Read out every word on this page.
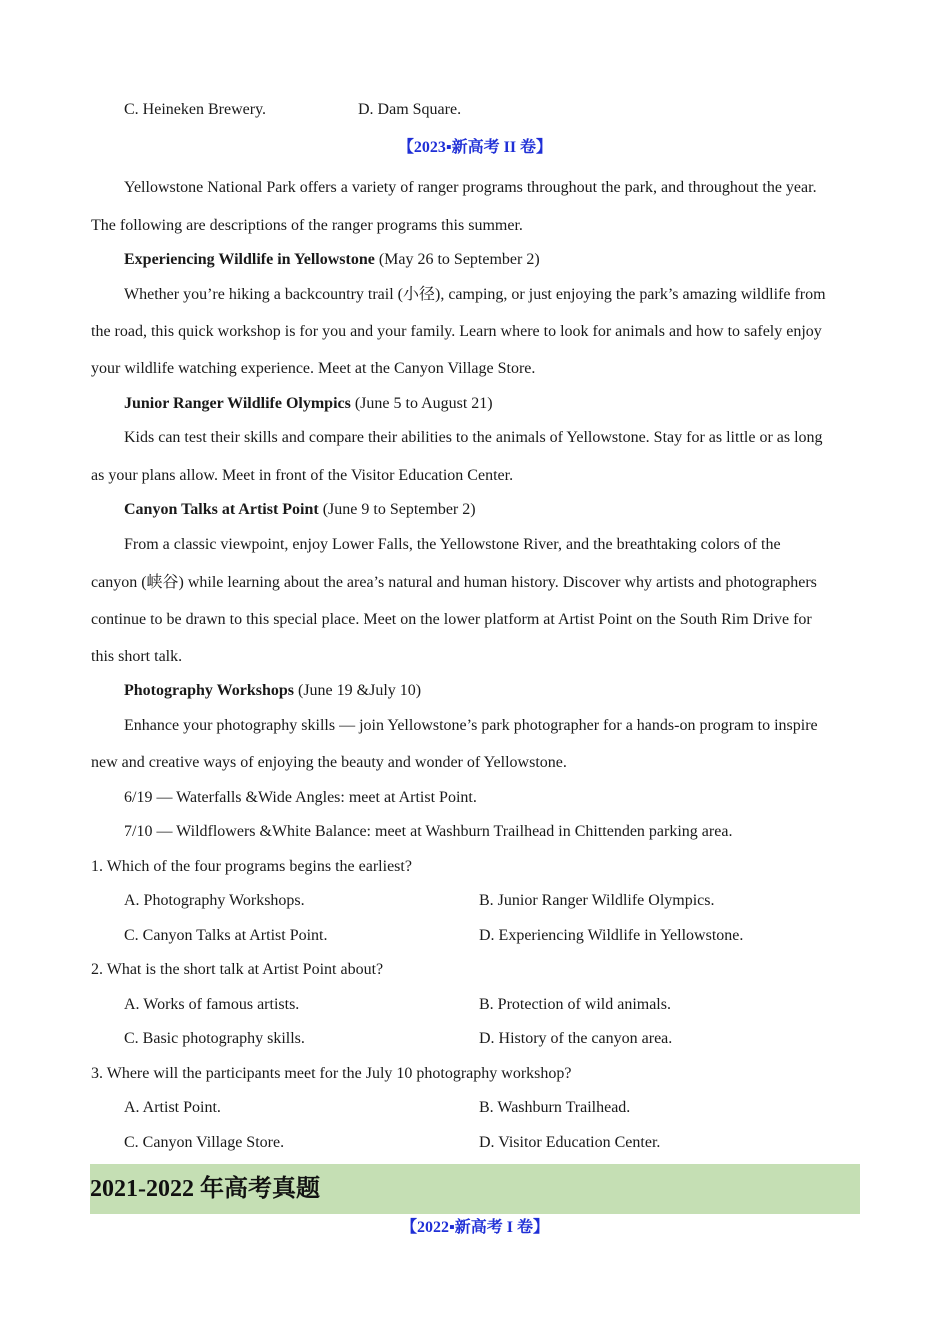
C. Heineken Brewery.	D. Dam Square.
【2023▪新高考 II 卷】
Yellowstone National Park offers a variety of ranger programs throughout the park, and throughout the year.
The following are descriptions of the ranger programs this summer.
Experiencing Wildlife in Yellowstone (May 26 to September 2)
Whether you’re hiking a backcountry trail (小径), camping, or just enjoying the park’s amazing wildlife from
the road, this quick workshop is for you and your family. Learn where to look for animals and how to safely enjoy
your wildlife watching experience. Meet at the Canyon Village Store.
Junior Ranger Wildlife Olympics (June 5 to August 21)
Kids can test their skills and compare their abilities to the animals of Yellowstone. Stay for as little or as long
as your plans allow. Meet in front of the Visitor Education Center.
Canyon Talks at Artist Point (June 9 to September 2)
From a classic viewpoint, enjoy Lower Falls, the Yellowstone River, and the breathtaking colors of the
canyon (峡谷) while learning about the area’s natural and human history. Discover why artists and photographers
continue to be drawn to this special place. Meet on the lower platform at Artist Point on the South Rim Drive for
this short talk.
Photography Workshops (June 19 &July 10)
Enhance your photography skills — join Yellowstone’s park photographer for a hands-on program to inspire
new and creative ways of enjoying the beauty and wonder of Yellowstone.
6/19 — Waterfalls &Wide Angles: meet at Artist Point.
7/10 — Wildflowers &White Balance: meet at Washburn Trailhead in Chittenden parking area.
1. Which of the four programs begins the earliest?
A. Photography Workshops.	B. Junior Ranger Wildlife Olympics.
C. Canyon Talks at Artist Point.	D. Experiencing Wildlife in Yellowstone.
2. What is the short talk at Artist Point about?
A. Works of famous artists.	B. Protection of wild animals.
C. Basic photography skills.	D. History of the canyon area.
3. Where will the participants meet for the July 10 photography workshop?
A. Artist Point.	B. Washburn Trailhead.
C. Canyon Village Store.	D. Visitor Education Center.
2021-2022 年高考真题
【2022▪新高考 I 卷】
